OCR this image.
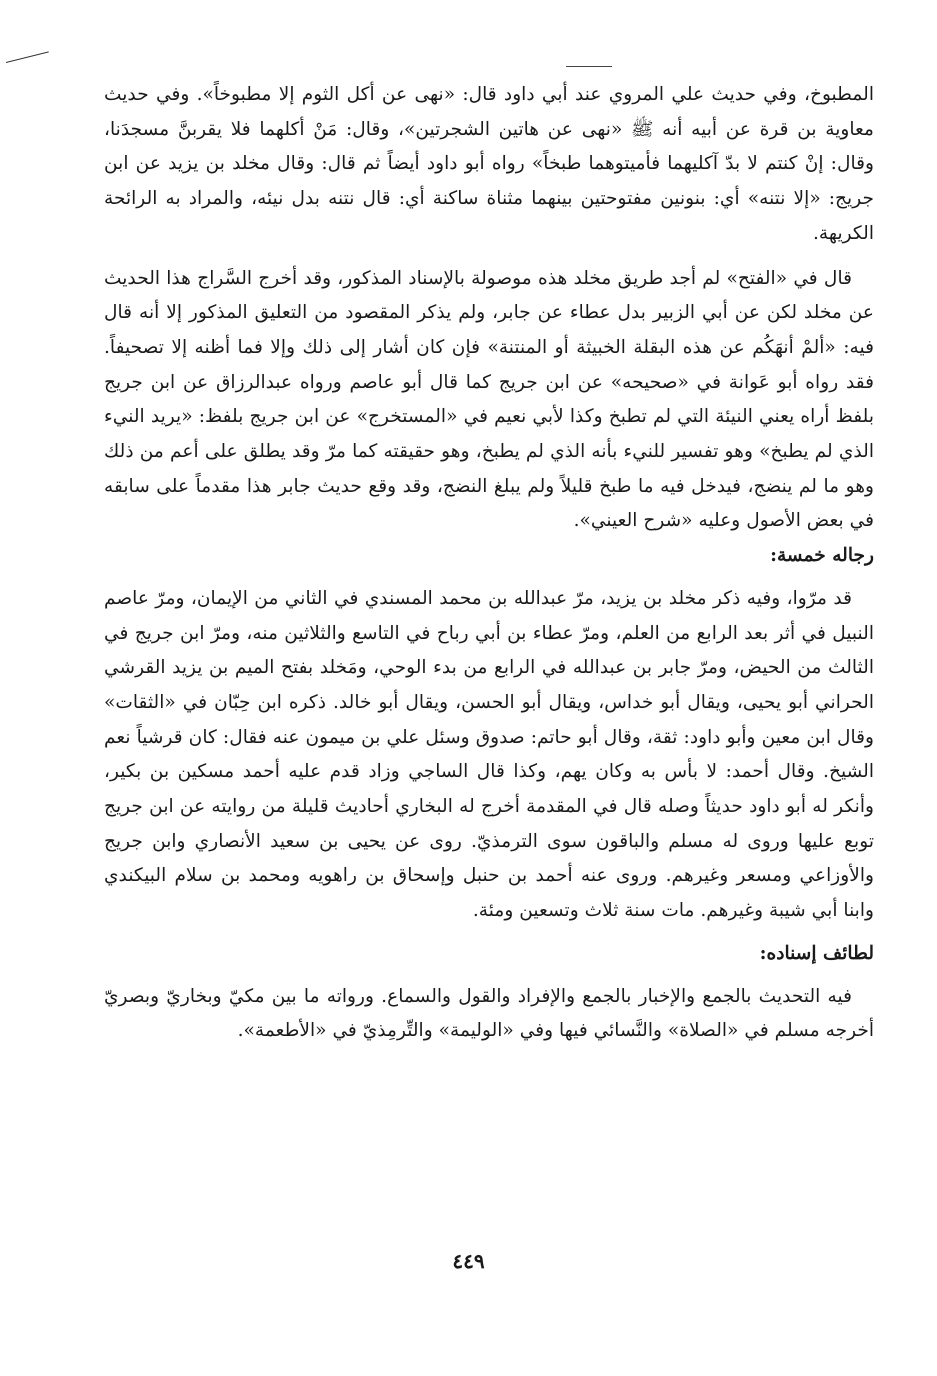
المطبوخ، وفي حديث علي المروي عند أبي داود قال: «نهى عن أكل الثوم إلا مطبوخاً». وفي حديث معاوية بن قرة عن أبيه أنه ﷺ «نهى عن هاتين الشجرتين»، وقال: مَنْ أكلهما فلا يقربنَّ مسجدَنا، وقال: إنْ كنتم لا بدّ آكليهما فأميتوهما طبخاً» رواه أبو داود أيضاً ثم قال: وقال مخلد بن يزيد عن ابن جريج: «إلا نتنه» أي: بنونين مفتوحتين بينهما مثناة ساكنة أي: قال نتنه بدل نيئه، والمراد به الرائحة الكريهة.

قال في «الفتح» لم أجد طريق مخلد هذه موصولة بالإسناد المذكور، وقد أخرج السَّراج هذا الحديث عن مخلد لكن عن أبي الزبير بدل عطاء عن جابر، ولم يذكر المقصود من التعليق المذكور إلا أنه قال فيه: «ألمْ أنهَكُم عن هذه البقلة الخبيثة أو المنتنة» فإن كان أشار إلى ذلك وإلا فما أظنه إلا تصحيفاً. فقد رواه أبو عَوانة في «صحيحه» عن ابن جريج كما قال أبو عاصم ورواه عبدالرزاق عن ابن جريج بلفظ أراه يعني النيئة التي لم تطبخ وكذا لأبي نعيم في «المستخرج» عن ابن جريج بلفظ: «يريد النيء الذي لم يطبخ» وهو تفسير للنيء بأنه الذي لم يطبخ، وهو حقيقته كما مرّ وقد يطلق على أعم من ذلك وهو ما لم ينضج، فيدخل فيه ما طبخ قليلاً ولم يبلغ النضج، وقد وقع حديث جابر هذا مقدماً على سابقه في بعض الأصول وعليه «شرح العيني».

رجاله خمسة:

قد مرّوا، وفيه ذكر مخلد بن يزيد، مرّ عبدالله بن محمد المسندي في الثاني من الإيمان، ومرّ عاصم النبيل في أثر بعد الرابع من العلم، ومرّ عطاء بن أبي رباح في التاسع والثلاثين منه، ومرّ ابن جريج في الثالث من الحيض، ومرّ جابر بن عبدالله في الرابع من بدء الوحي، ومَخلد بفتح الميم بن يزيد القرشي الحراني أبو يحيى، ويقال أبو خداس، ويقال أبو الحسن، ويقال أبو خالد. ذكره ابن حِبّان في «الثقات» وقال ابن معين وأبو داود: ثقة، وقال أبو حاتم: صدوق وسئل علي بن ميمون عنه فقال: كان قرشياً نعم الشيخ. وقال أحمد: لا بأس به وكان يهم، وكذا قال الساجي وزاد قدم عليه أحمد مسكين بن بكير، وأنكر له أبو داود حديثاً وصله قال في المقدمة أخرج له البخاري أحاديث قليلة من روايته عن ابن جريج توبع عليها وروى له مسلم والباقون سوى الترمذيّ. روى عن يحيى بن سعيد الأنصاري وابن جريج والأوزاعي ومسعر وغيرهم. وروى عنه أحمد بن حنبل وإسحاق بن راهويه ومحمد بن سلام البيكندي وابنا أبي شيبة وغيرهم. مات سنة ثلاث وتسعين ومئة.

لطائف إسناده:

فيه التحديث بالجمع والإخبار بالجمع والإفراد والقول والسماع. ورواته ما بين مكيّ وبخاريّ وبصريّ أخرجه مسلم في «الصلاة» والنَّسائي فيها وفي «الوليمة» والتِّرمِذيّ في «الأطعمة».

٤٤٩
